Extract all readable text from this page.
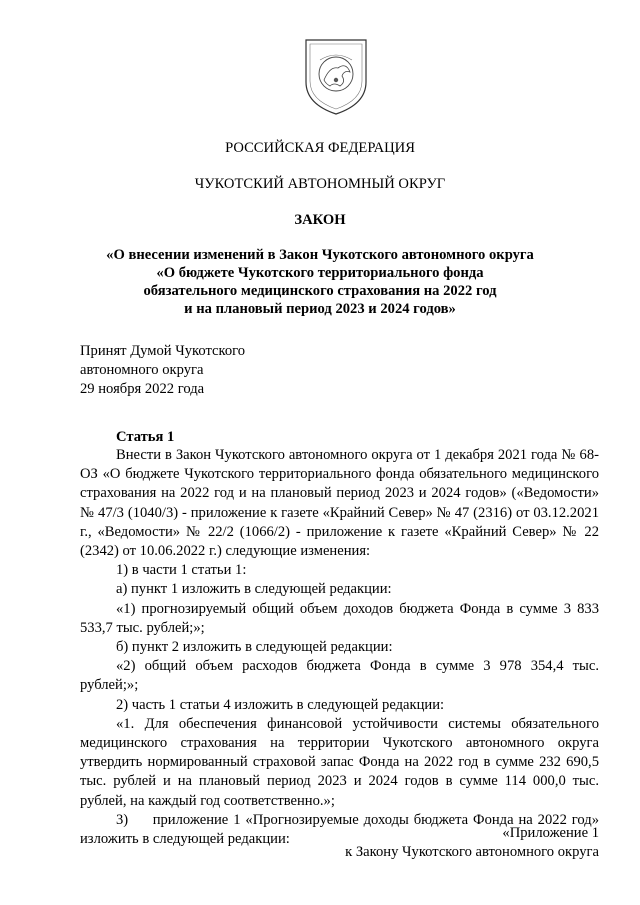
РОССИЙСКАЯ ФЕДЕРАЦИЯ
ЧУКОТСКИЙ АВТОНОМНЫЙ ОКРУГ
ЗАКОН
«О внесении изменений в Закон Чукотского автономного округа
«О бюджете Чукотского территориального фонда
обязательного медицинского страхования на 2022 год
и на плановый период 2023 и 2024 годов»
Принят Думой Чукотского
автономного округа
29 ноября 2022 года
Статья 1

Внести в Закон Чукотского автономного округа от 1 декабря 2021 года № 68-ОЗ «О бюджете Чукотского территориального фонда обязательного медицинского страхования на 2022 год и на плановый период 2023 и 2024 годов» («Ведомости» № 47/3 (1040/3) - приложение к газете «Крайний Север» № 47 (2316) от 03.12.2021 г., «Ведомости» № 22/2 (1066/2) - приложение к газете «Крайний Север» № 22 (2342) от 10.06.2022 г.) следующие изменения:

1) в части 1 статьи 1:

а) пункт 1 изложить в следующей редакции:

«1) прогнозируемый общий объем доходов бюджета Фонда в сумме 3 833 533,7 тыс. рублей;»;

б) пункт 2 изложить в следующей редакции:

«2) общий объем расходов бюджета Фонда в сумме 3 978 354,4 тыс. рублей;»;

2) часть 1 статьи 4 изложить в следующей редакции:

«1. Для обеспечения финансовой устойчивости системы обязательного медицинского страхования на территории Чукотского автономного округа утвердить нормированный страховой запас Фонда на 2022 год в сумме 232 690,5 тыс. рублей и на плановый период 2023 и 2024 годов в сумме 114 000,0 тыс. рублей, на каждый год соответственно.»;

3)     приложение 1 «Прогнозируемые доходы бюджета Фонда на 2022 год» изложить в следующей редакции:	«Приложение 1
к Закону Чукотского автономного округа
